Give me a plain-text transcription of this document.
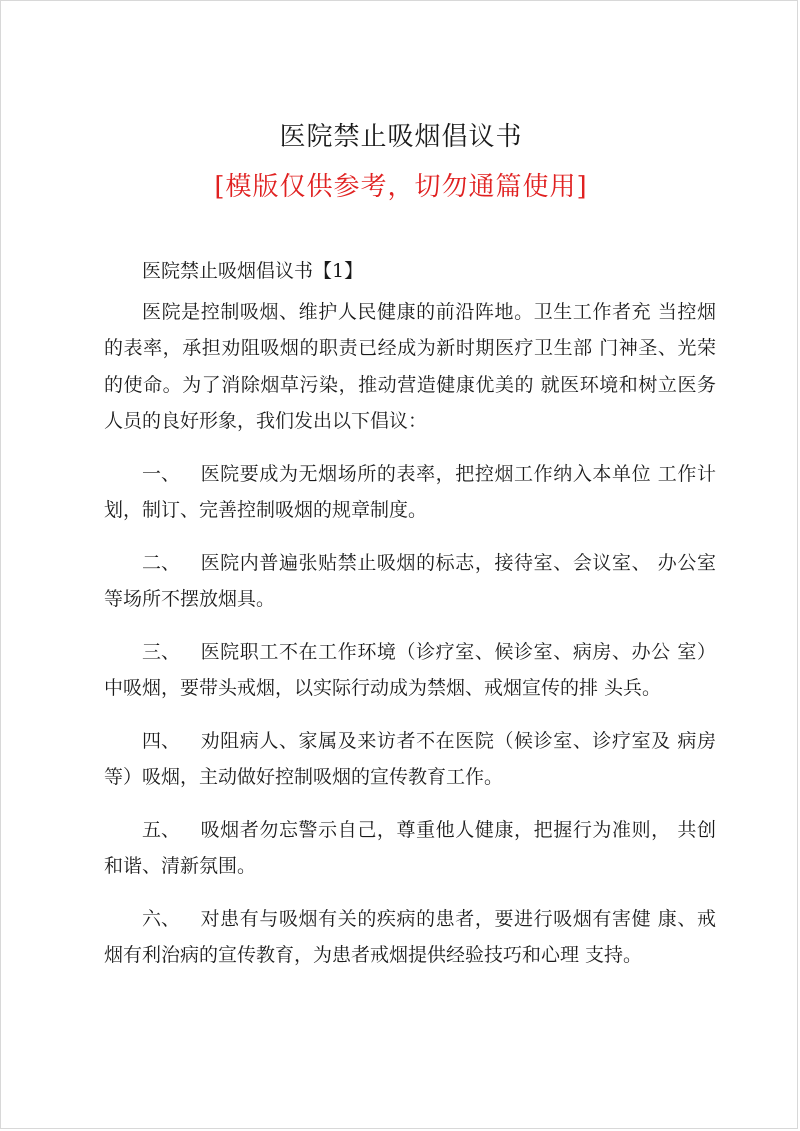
医院禁止吸烟倡议书
[模版仅供参考，切勿通篇使用]

医院禁止吸烟倡议书【1】

医院是控制吸烟、维护人民健康的前沿阵地。卫生工作者充 当控烟的表率，承担劝阻吸烟的职责已经成为新时期医疗卫生部 门神圣、光荣的使命。为了消除烟草污染，推动营造健康优美的 就医环境和树立医务人员的良好形象，我们发出以下倡议：

一、 医院要成为无烟场所的表率，把控烟工作纳入本单位 工作计划，制订、完善控制吸烟的规章制度。

二、 医院内普遍张贴禁止吸烟的标志，接待室、会议室、 办公室等场所不摆放烟具。

三、 医院职工不在工作环境（诊疗室、候诊室、病房、办公 室）中吸烟，要带头戒烟，以实际行动成为禁烟、戒烟宣传的排 头兵。

四、 劝阻病人、家属及来访者不在医院（候诊室、诊疗室及 病房等）吸烟，主动做好控制吸烟的宣传教育工作。

五、 吸烟者勿忘警示自己，尊重他人健康，把握行为准则， 共创和谐、清新氛围。

六、 对患有与吸烟有关的疾病的患者，要进行吸烟有害健 康、戒烟有利治病的宣传教育，为患者戒烟提供经验技巧和心理 支持。
